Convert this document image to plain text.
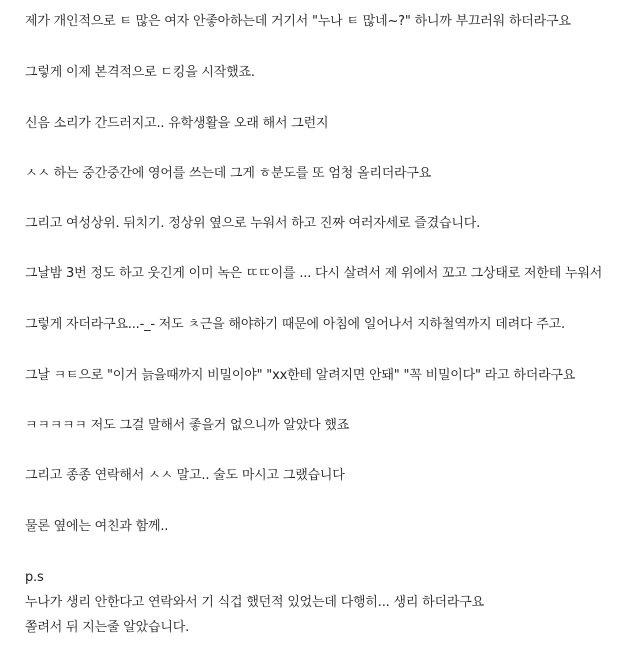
제가 개인적으로 ㅌ 많은 여자 안좋아하는데 거기서 "누나 ㅌ 많네~?" 하니까 부끄러워 하더라구요
그렇게 이제 본격적으로 ㄷ킹을 시작했죠.
신음 소리가 간드러지고.. 유학생활을 오래 해서 그런지
ㅅㅅ 하는 중간중간에 영어를 쓰는데 그게 ㅎ분도를 또 엄청 올리더라구요
그리고 여성상위. 뒤치기. 정상위 옆으로 누워서 하고 진짜 여러자세로 즐겼습니다.
그날밤 3번 정도 하고 웃긴게 이미 녹은 ㄸㄸ이를 ... 다시 살려서 제 위에서 꼬고 그상태로 저한테 누워서
그렇게 자더라구요...-_- 저도 ㅊ근을 해야하기 때문에 아침에 일어나서 지하철역까지 데려다 주고.
그날 ㅋㅌ으로 "이거 늙을때까지 비밀이야" "xx한테 알려지면 안돼" "꼭 비밀이다" 라고 하더라구요
ㅋㅋㅋㅋㅋ 저도 그걸 말해서 좋을거 없으니까 알았다 했죠
그리고 종종 연락해서 ㅅㅅ 말고.. 술도 마시고 그랬습니다
물론 옆에는 여친과 함께..
p.s
누나가 생리 안한다고 연락와서 기 식겁 했던적 있었는데 다행히... 생리 하더라구요
쫄려서 뒤 지는줄 알았습니다.
